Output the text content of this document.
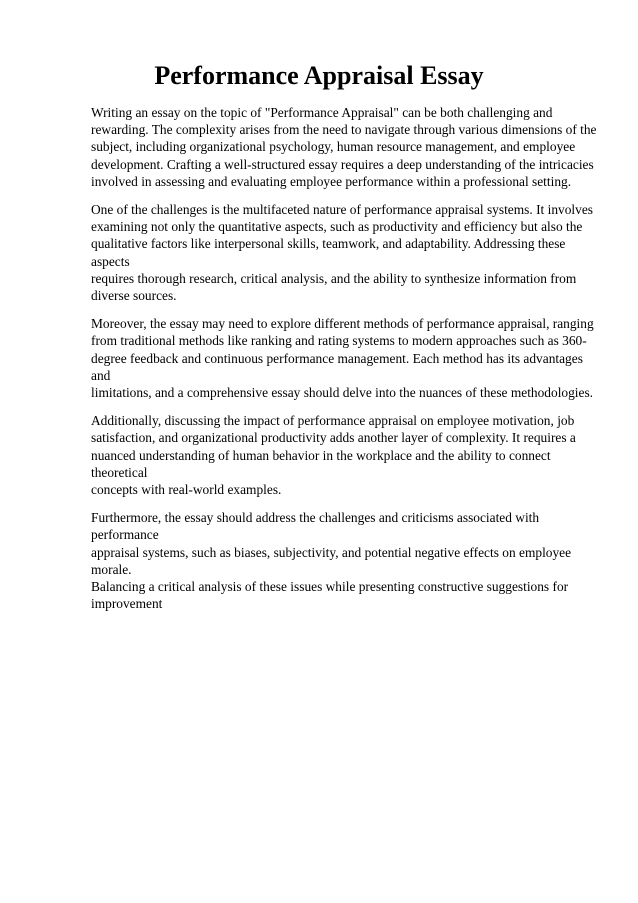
Performance Appraisal Essay

Writing an essay on the topic of "Performance Appraisal" can be both challenging and
rewarding. The complexity arises from the need to navigate through various dimensions of the
subject, including organizational psychology, human resource management, and employee
development. Crafting a well-structured essay requires a deep understanding of the intricacies
involved in assessing and evaluating employee performance within a professional setting.

One of the challenges is the multifaceted nature of performance appraisal systems. It involves
examining not only the quantitative aspects, such as productivity and efficiency but also the
qualitative factors like interpersonal skills, teamwork, and adaptability. Addressing these aspects
requires thorough research, critical analysis, and the ability to synthesize information from
diverse sources.

Moreover, the essay may need to explore different methods of performance appraisal, ranging
from traditional methods like ranking and rating systems to modern approaches such as 360-
degree feedback and continuous performance management. Each method has its advantages and
limitations, and a comprehensive essay should delve into the nuances of these methodologies.

Additionally, discussing the impact of performance appraisal on employee motivation, job
satisfaction, and organizational productivity adds another layer of complexity. It requires a
nuanced understanding of human behavior in the workplace and the ability to connect theoretical
concepts with real-world examples.

Furthermore, the essay should address the challenges and criticisms associated with performance
appraisal systems, such as biases, subjectivity, and potential negative effects on employee morale.
Balancing a critical analysis of these issues while presenting constructive suggestions for
improvement
